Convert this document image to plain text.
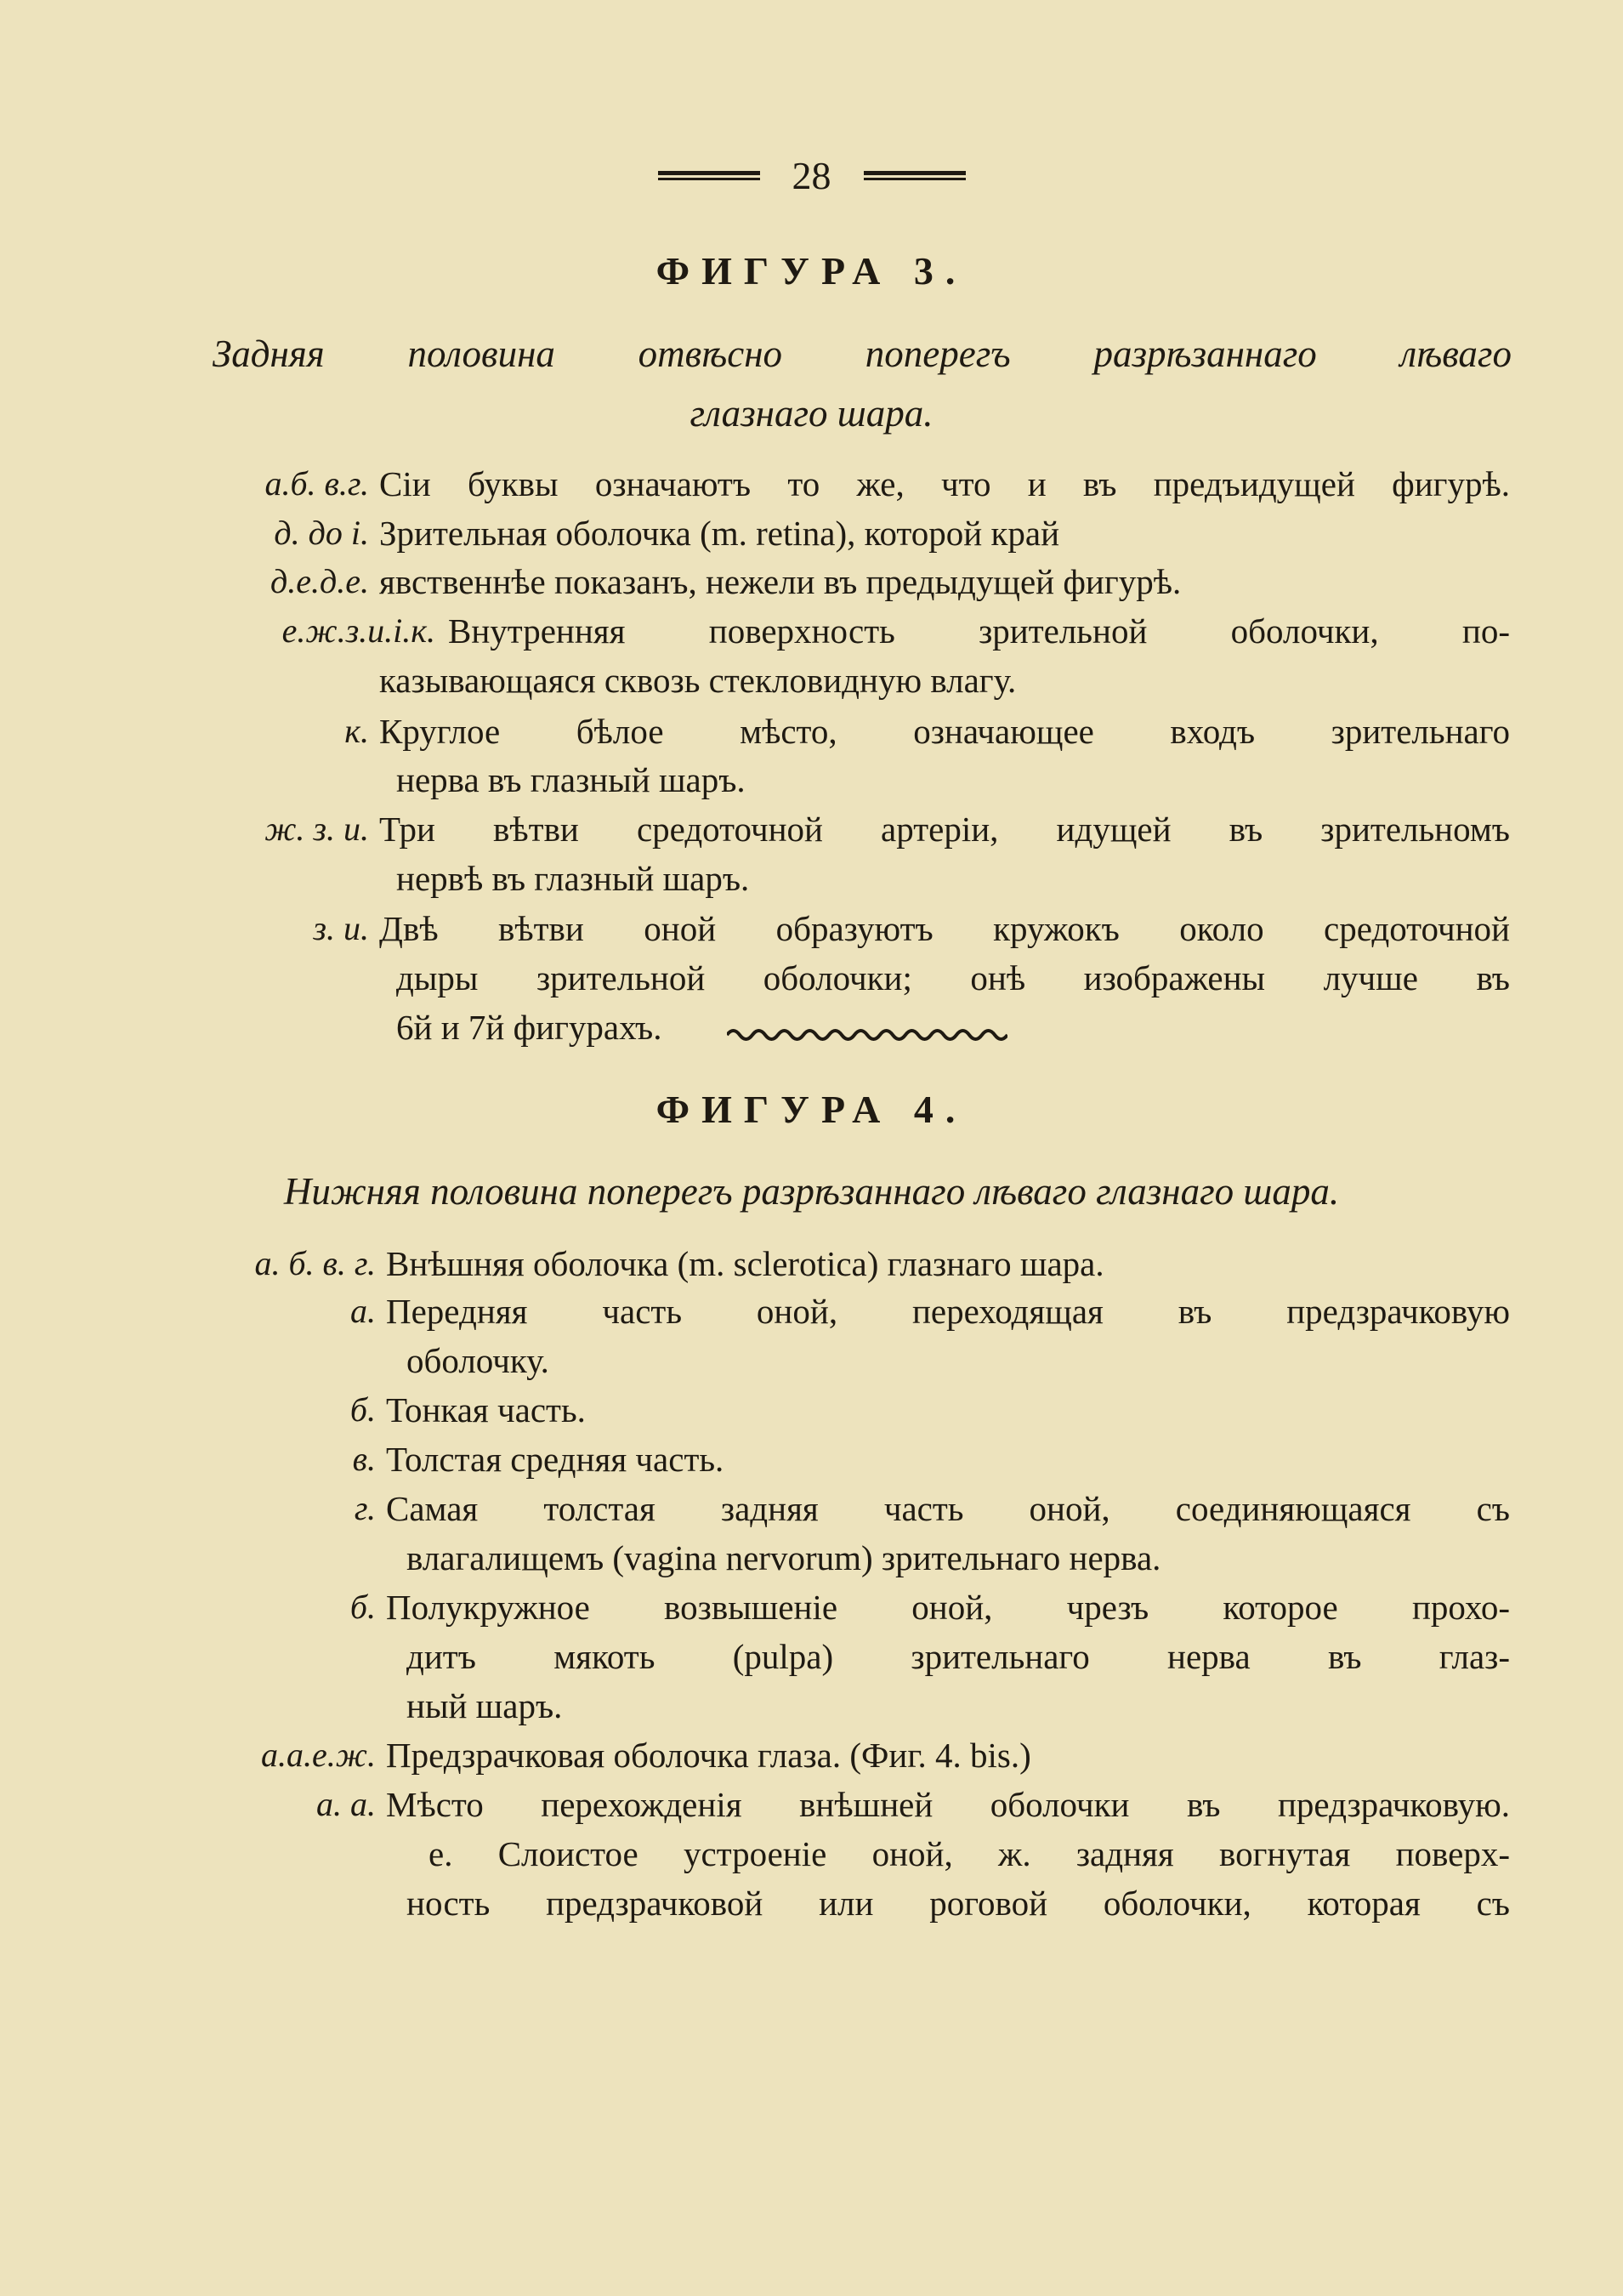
28
ФИГУРА 3.
Задняя половина отвѣсно поперегъ разрѣзаннаго лѣваго
глазнаго шара.
а.б. в.г. Сіи буквы означаютъ то же, что и въ предъидущей фигурѣ.
д. до і. Зрительная оболочка (m. retina), которой край
д.е.д.е. явственнѣе показанъ, нежели въ предыдущей фигурѣ.
е.ж.з.и.і.к. Внутренняя поверхность зрительной оболочки, по-
казывающаяся сквозь стекловидную влагу.
к. Круглое бѣлое мѣсто, означающее входъ зрительнаго
нерва въ глазный шаръ.
ж. з. и. Три вѣтви средоточной артеріи, идущей въ зрительномъ
нервѣ въ глазный шаръ.
з. и. Двѣ вѣтви оной образуютъ кружокъ около средоточной
дыры зрительной оболочки; онѣ изображены лучше въ
6й и 7й фигурахъ.
ФИГУРА 4.
Нижняя половина поперегъ разрѣзаннаго лѣваго глазнаго шара.
а. б. в. г. Внѣшняя оболочка (m. sclerotica) глазнаго шара.
а. Передняя часть оной, переходящая въ предзрачковую
оболочку.
б. Тонкая часть.
в. Толстая средняя часть.
г. Самая толстая задняя часть оной, соединяющаяся съ
влагалищемъ (vagina nervorum) зрительнаго нерва.
б. Полукружное возвышеніе оной, чрезъ которое прохо-
дитъ мякоть (pulpa) зрительнаго нерва въ глаз-
ный шаръ.
а.а.е.ж. Предзрачковая оболочка глаза. (Фиг. 4. bis.)
а. а. Мѣсто перехожденія внѣшней оболочки въ предзрачковую.
е. Слоистое устроеніе оной, ж. задняя вогнутая поверх-
ность предзрачковой или роговой оболочки, которая съ
